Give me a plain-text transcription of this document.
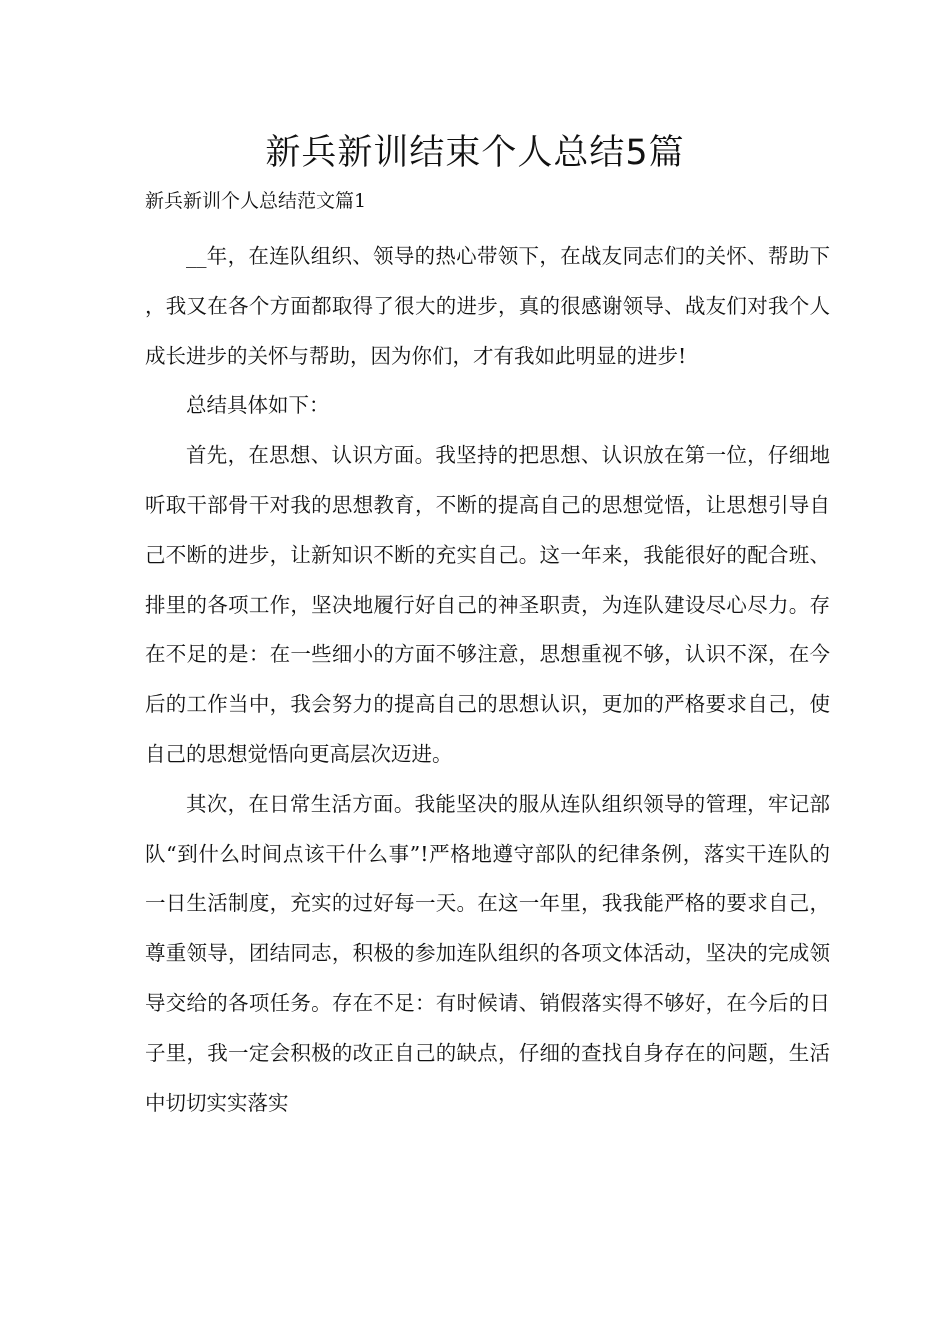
新兵新训结束个人总结5篇

新兵新训个人总结范文篇1

__年，在连队组织、领导的热心带领下，在战友同志们的关怀、帮助下，我又在各个方面都取得了很大的进步，真的很感谢领导、战友们对我个人成长进步的关怀与帮助，因为你们，才有我如此明显的进步!

总结具体如下：

首先，在思想、认识方面。我坚持的把思想、认识放在第一位，仔细地听取干部骨干对我的思想教育，不断的提高自己的思想觉悟，让思想引导自己不断的进步，让新知识不断的充实自己。这一年来，我能很好的配合班、排里的各项工作，坚决地履行好自己的神圣职责，为连队建设尽心尽力。存在不足的是：在一些细小的方面不够注意，思想重视不够，认识不深，在今后的工作当中，我会努力的提高自己的思想认识，更加的严格要求自己，使自己的思想觉悟向更高层次迈进。

其次，在日常生活方面。我能坚决的服从连队组织领导的管理，牢记部队“到什么时间点该干什么事”!严格地遵守部队的纪律条例，落实干连队的一日生活制度，充实的过好每一天。在这一年里，我我能严格的要求自己，尊重领导，团结同志，积极的参加连队组织的各项文体活动，坚决的完成领导交给的各项任务。存在不足：有时候请、销假落实得不够好，在今后的日子里，我一定会积极的改正自己的缺点，仔细的查找自身存在的问题，生活中切切实实落实
